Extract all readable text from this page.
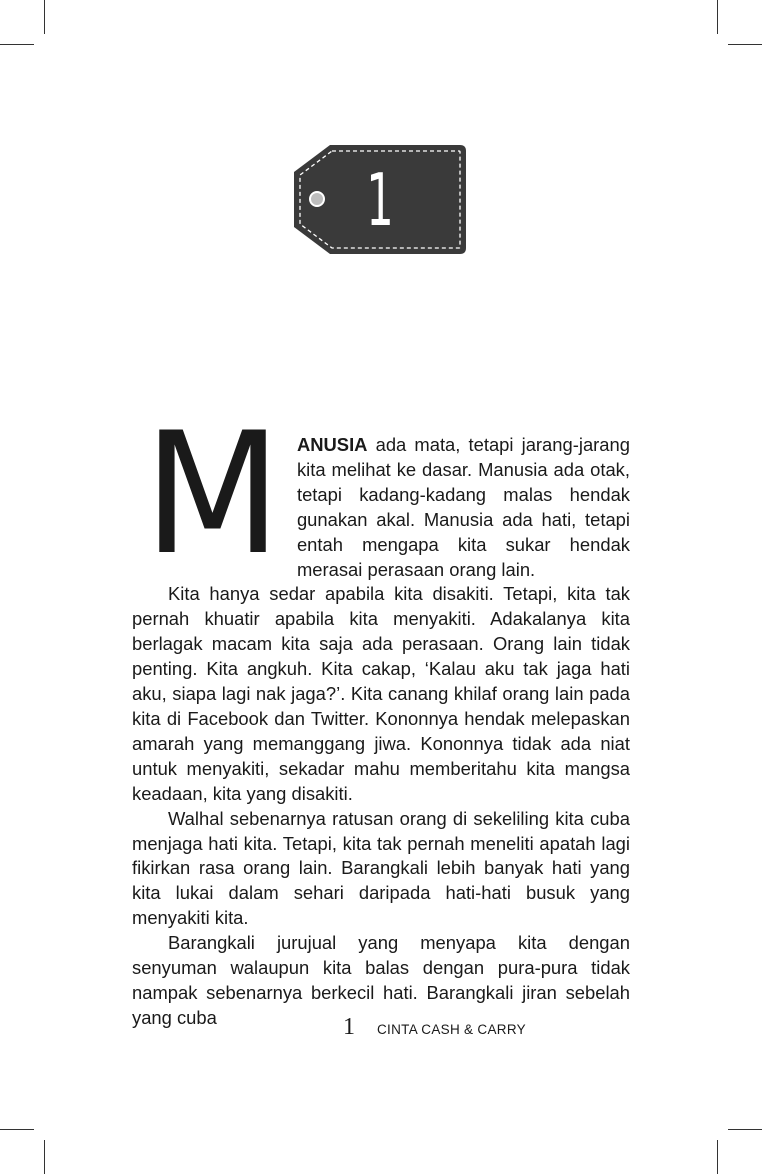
1

MANUSIA ada mata, tetapi jarang-jarang kita melihat ke dasar. Manusia ada otak, tetapi kadang-kadang malas hendak gunakan akal. Manusia ada hati, tetapi entah mengapa kita sukar hendak merasai perasaan orang lain.

Kita hanya sedar apabila kita disakiti. Tetapi, kita tak pernah khuatir apabila kita menyakiti. Adakalanya kita berlagak macam kita saja ada perasaan. Orang lain tidak penting. Kita angkuh. Kita cakap, ‘Kalau aku tak jaga hati aku, siapa lagi nak jaga?’. Kita canang khilaf orang lain pada kita di Facebook dan Twitter. Kononnya hendak melepaskan amarah yang memanggang jiwa. Kononnya tidak ada niat untuk menyakiti, sekadar mahu memberitahu kita mangsa keadaan, kita yang disakiti.

Walhal sebenarnya ratusan orang di sekeliling kita cuba menjaga hati kita. Tetapi, kita tak pernah meneliti apatah lagi fikirkan rasa orang lain. Barangkali lebih banyak hati yang kita lukai dalam sehari daripada hati-hati busuk yang menyakiti kita.

Barangkali jurujual yang menyapa kita dengan senyuman walaupun kita balas dengan pura-pura tidak nampak sebenarnya berkecil hati. Barangkali jiran sebelah yang cuba	1 CINTA CASH & CARRY
